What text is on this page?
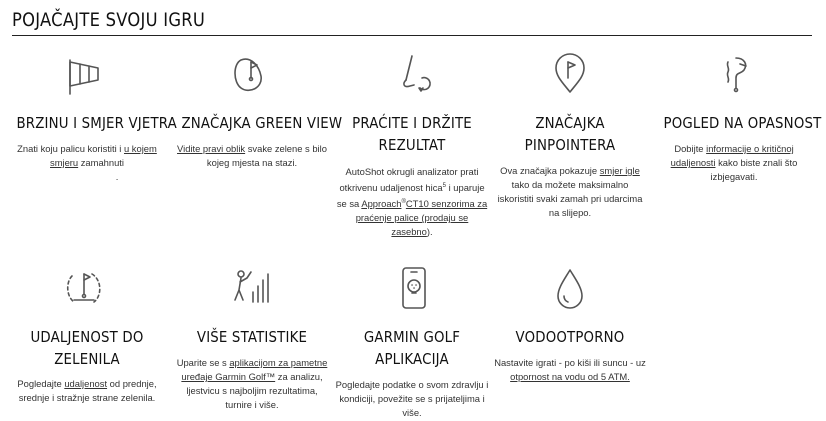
POJAČAJTE SVOJU IGRU
BRZINU I SMJER VJETRA
Znati koju palicu koristiti i u kojem smjeru zamahnuti
.
ZNAČAJKA GREEN VIEW
Vidite pravi oblik svake zelene s bilo kojeg mjesta na stazi.
PRAĆITE I DRŽITE
REZULTAT
AutoShot okrugli analizator prati otkrivenu udaljenost hica$^5$ i uparuje se sa Approach®CT10 senzorima za praćenje palice (prodaju se zasebno).
ZNAČAJKA
PINPOINTERA
Ova značajka pokazuje smjer igle tako da možete maksimalno iskoristiti svaki zamah pri udarcima na slijepo.
POGLED NA OPASNOST
Dobijte informacije o kritičnoj udaljenosti kako biste znali što izbjegavati.
UDALJENOST DO
ZELENILA
Pogledajte udaljenost od prednje, srednje i stražnje strane zelenila.
VIŠE STATISTIKE
Uparite se s aplikacijom za pametne uređaje Garmin Golf™ za analizu, ljestvicu s najboljim rezultatima, turnire i više.
GARMIN GOLF
APLIKACIJA
Pogledajte podatke o svom zdravlju i kondiciji, povežite se s prijateljima i više.
VODOOTPORNO
Nastavite igrati - po kiši ili suncu - uz otpornost na vodu od 5 ATM.
